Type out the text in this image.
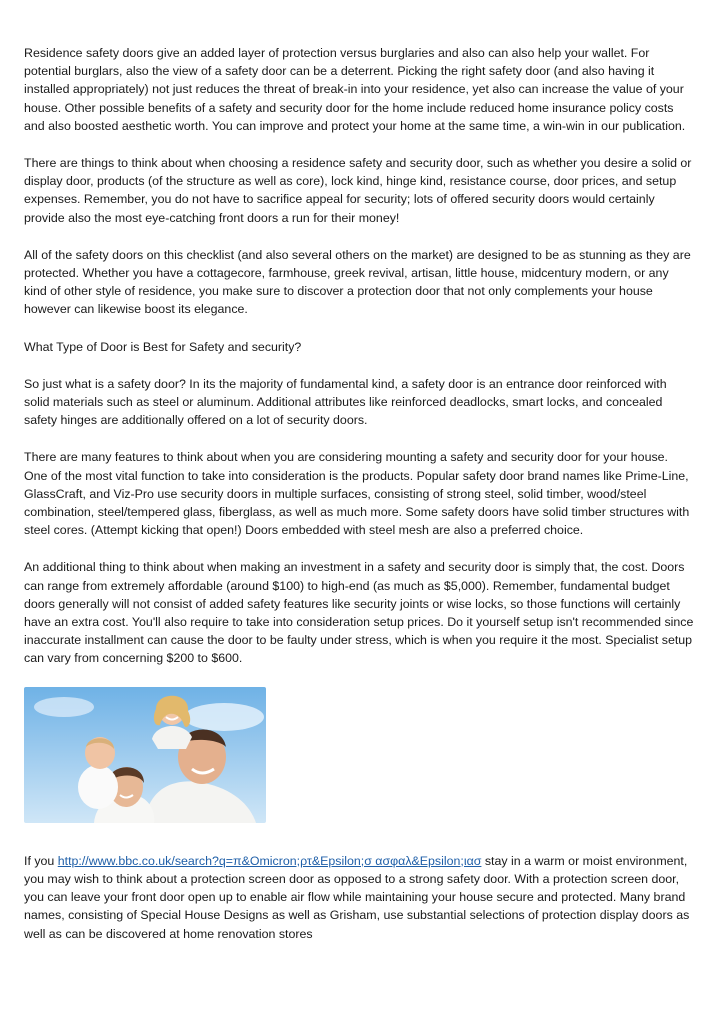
Residence safety doors give an added layer of protection versus burglaries and also can also help your wallet. For potential burglars, also the view of a safety door can be a deterrent. Picking the right safety door (and also having it installed appropriately) not just reduces the threat of break-in into your residence, yet also can increase the value of your house. Other possible benefits of a safety and security door for the home include reduced home insurance policy costs and also boosted aesthetic worth. You can improve and protect your home at the same time, a win-win in our publication.

There are things to think about when choosing a residence safety and security door, such as whether you desire a solid or display door, products (of the structure as well as core), lock kind, hinge kind, resistance course, door prices, and setup expenses. Remember, you do not have to sacrifice appeal for security; lots of offered security doors would certainly provide also the most eye-catching front doors a run for their money!

All of the safety doors on this checklist (and also several others on the market) are designed to be as stunning as they are protected. Whether you have a cottagecore, farmhouse, greek revival, artisan, little house, midcentury modern, or any kind of other style of residence, you make sure to discover a protection door that not only complements your house however can likewise boost its elegance.

What Type of Door is Best for Safety and security?

So just what is a safety door? In its the majority of fundamental kind, a safety door is an entrance door reinforced with solid materials such as steel or aluminum. Additional attributes like reinforced deadlocks, smart locks, and concealed safety hinges are additionally offered on a lot of security doors.

There are many features to think about when you are considering mounting a safety and security door for your house. One of the most vital function to take into consideration is the products. Popular safety door brand names like Prime-Line, GlassCraft, and Viz-Pro use security doors in multiple surfaces, consisting of strong steel, solid timber, wood/steel combination, steel/tempered glass, fiberglass, as well as much more. Some safety doors have solid timber structures with steel cores. (Attempt kicking that open!) Doors embedded with steel mesh are also a preferred choice.

An additional thing to think about when making an investment in a safety and security door is simply that, the cost. Doors can range from extremely affordable (around $100) to high-end (as much as $5,000). Remember, fundamental budget doors generally will not consist of added safety features like security joints or wise locks, so those functions will certainly have an extra cost. You'll also require to take into consideration setup prices. Do it yourself setup isn't recommended since inaccurate installment can cause the door to be faulty under stress, which is when you require it the most. Specialist setup can vary from concerning $200 to $600.

If you http://www.bbc.co.uk/search?q=π&Omicron;ρτ&Epsilon;σ ασφαλ&Epsilon;ιασ stay in a warm or moist environment, you may wish to think about a protection screen door as opposed to a strong safety door. With a protection screen door, you can leave your front door open up to enable air flow while maintaining your house secure and protected. Many brand names, consisting of Special House Designs as well as Grisham, use substantial selections of protection display doors as well as can be discovered at home renovation stores
